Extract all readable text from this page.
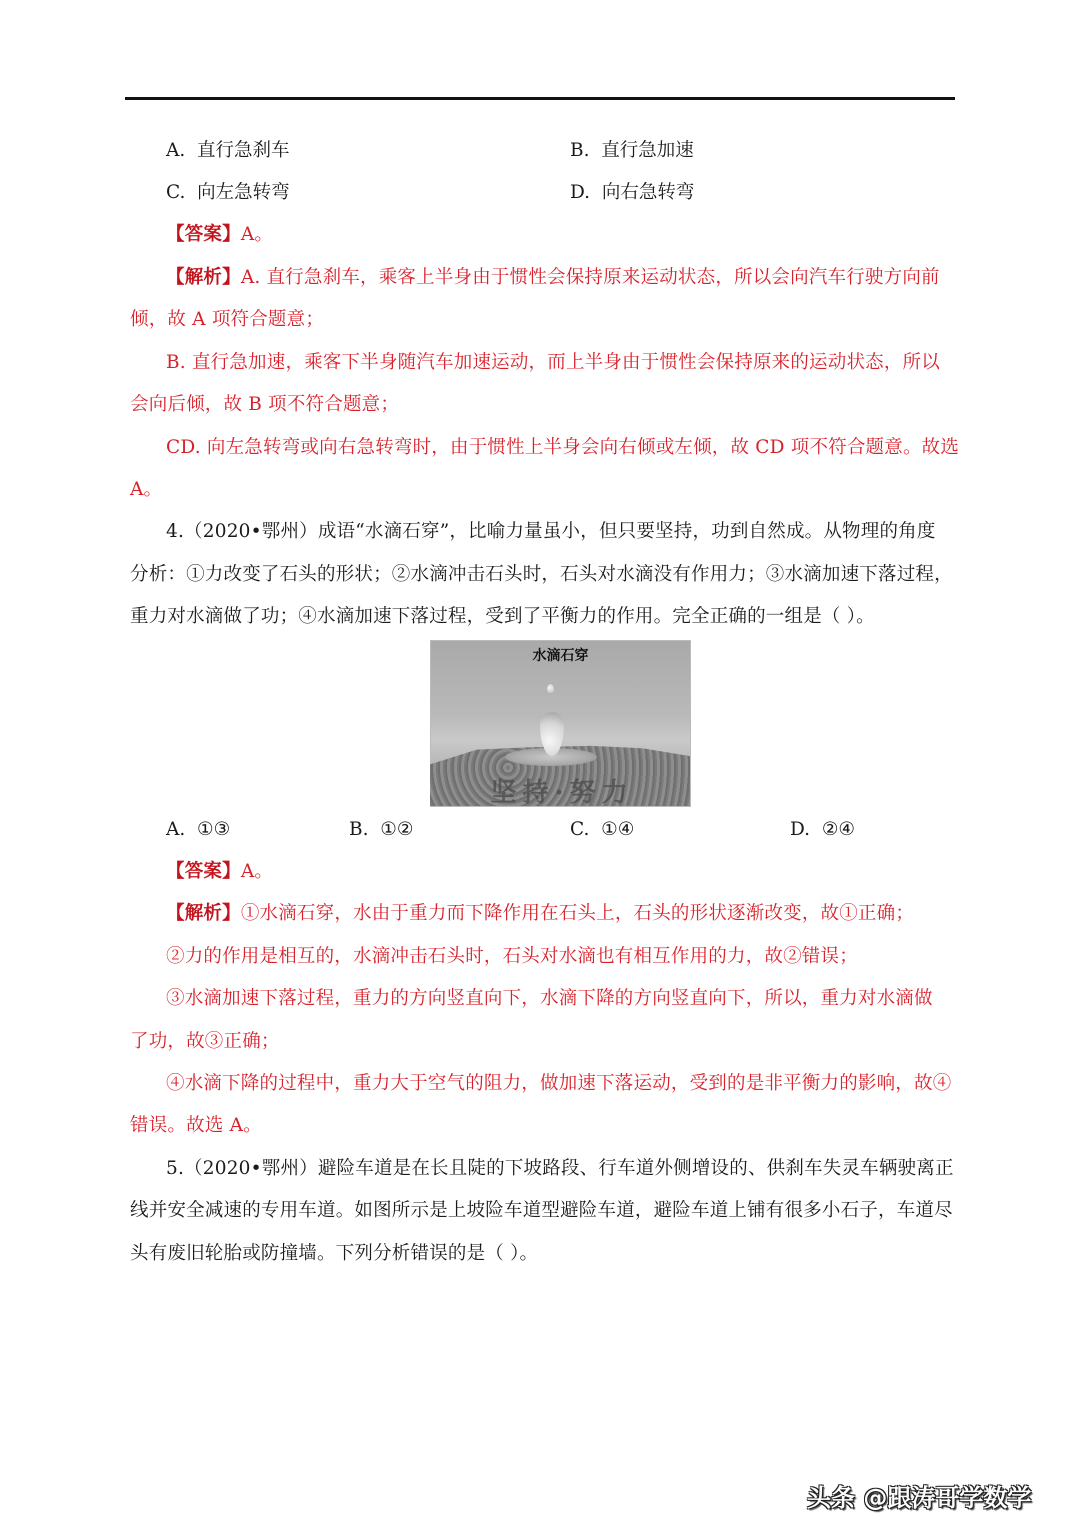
A. 直行急刹车	B. 直行急加速
C. 向左急转弯	D. 向右急转弯
【答案】A。
【解析】A. 直行急刹车，乘客上半身由于惯性会保持原来运动状态，所以会向汽车行驶方向前
倾，故 A 项符合题意；
B. 直行急加速，乘客下半身随汽车加速运动，而上半身由于惯性会保持原来的运动状态，所以
会向后倾，故 B 项不符合题意；
CD. 向左急转弯或向右急转弯时，由于惯性上半身会向右倾或左倾，故 CD 项不符合题意。故选
A。
4.（2020•鄂州）成语“水滴石穿”，比喻力量虽小，但只要坚持，功到自然成。从物理的角度
分析：①力改变了石头的形状；②水滴冲击石头时，石头对水滴没有作用力；③水滴加速下落过程，
重力对水滴做了功；④水滴加速下落过程，受到了平衡力的作用。完全正确的一组是（ ）。
水滴石穿
坚持·努力
A. ①③	B. ①②	C. ①④	D. ②④
【答案】A。
【解析】①水滴石穿，水由于重力而下降作用在石头上，石头的形状逐渐改变，故①正确；
②力的作用是相互的，水滴冲击石头时，石头对水滴也有相互作用的力，故②错误；
③水滴加速下落过程，重力的方向竖直向下，水滴下降的方向竖直向下，所以，重力对水滴做
了功，故③正确；
④水滴下降的过程中，重力大于空气的阻力，做加速下落运动，受到的是非平衡力的影响，故④
错误。故选 A。
5.（2020•鄂州）避险车道是在长且陡的下坡路段、行车道外侧增设的、供刹车失灵车辆驶离正
线并安全减速的专用车道。如图所示是上坡险车道型避险车道，避险车道上铺有很多小石子，车道尽
头有废旧轮胎或防撞墙。下列分析错误的是（ ）。
头条 @跟涛哥学数学
